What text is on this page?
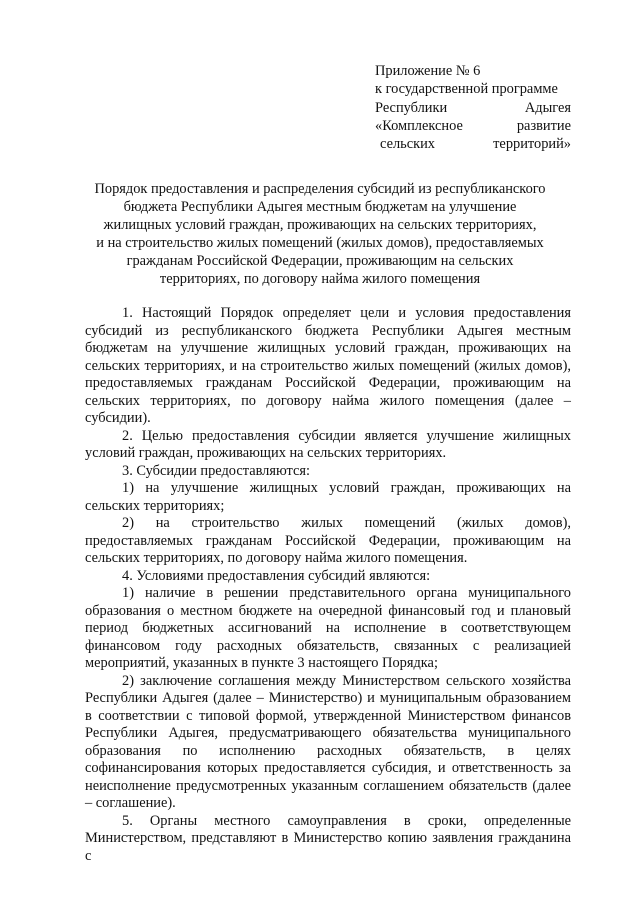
Приложение № 6
к государственной программе
Республики	Адыгея
«Комплексное	развитие
сельских	территорий»
Порядок предоставления и распределения субсидий из республиканского
бюджета Республики Адыгея местным бюджетам на улучшение
жилищных условий граждан, проживающих на сельских территориях,
и на строительство жилых помещений (жилых домов), предоставляемых
гражданам Российской Федерации, проживающим на сельских
территориях, по договору найма жилого помещения

1. Настоящий Порядок определяет цели и условия предоставления субсидий из республиканского бюджета Республики Адыгея местным бюджетам на улучшение жилищных условий граждан, проживающих на сельских территориях, и на строительство жилых помещений (жилых домов), предоставляемых гражданам Российской Федерации, проживающим на сельских территориях, по договору найма жилого помещения (далее – субсидии).

2. Целью предоставления субсидии является улучшение жилищных условий граждан, проживающих на сельских территориях.

3. Субсидии предоставляются:

1) на улучшение жилищных условий граждан, проживающих на сельских территориях;

2) на строительство жилых помещений (жилых домов), предоставляемых гражданам Российской Федерации, проживающим на сельских территориях, по договору найма жилого помещения.

4. Условиями предоставления субсидий являются:

1) наличие в решении представительного органа муниципального образования о местном бюджете на очередной финансовый год и плановый период бюджетных ассигнований на исполнение в соответствующем финансовом году расходных обязательств, связанных с реализацией мероприятий, указанных в пункте 3 настоящего Порядка;

2) заключение соглашения между Министерством сельского хозяйства Республики Адыгея (далее – Министерство) и муниципальным образованием в соответствии с типовой формой, утвержденной Министерством финансов Республики Адыгея, предусматривающего обязательства муниципального образования по исполнению расходных обязательств, в целях софинансирования которых предоставляется субсидия, и ответственность за неисполнение предусмотренных указанным соглашением обязательств (далее – соглашение).

5. Органы местного самоуправления в сроки, определенные Министерством, представляют в Министерство копию заявления гражданина с
